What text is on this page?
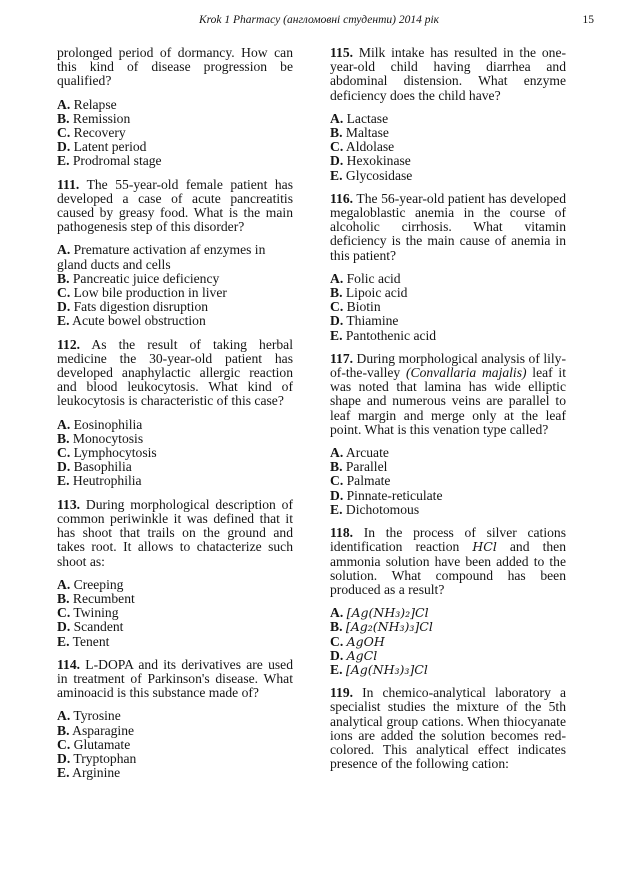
Krok 1 Pharmacy (англомовні студенти) 2014 рік	15

prolonged period of dormancy. How can this kind of disease progression be qualified?

A. Relapse
B. Remission
C. Recovery
D. Latent period
E. Prodromal stage

111. The 55-year-old female patient has developed a case of acute pancreatitis caused by greasy food. What is the main pathogenesis step of this disorder?

A. Premature activation af enzymes in gland ducts and cells
B. Pancreatic juice deficiency
C. Low bile production in liver
D. Fats digestion disruption
E. Acute bowel obstruction

112. As the result of taking herbal medicine the 30-year-old patient has developed anaphylactic allergic reaction and blood leukocytosis. What kind of leukocytosis is characteristic of this case?

A. Eosinophilia
B. Monocytosis
C. Lymphocytosis
D. Basophilia
E. Heutrophilia

113. During morphological description of common periwinkle it was defined that it has shoot that trails on the ground and takes root. It allows to chatacterize such shoot as:

A. Creeping
B. Recumbent
C. Twining
D. Scandent
E. Tenent

114. L-DOPA and its derivatives are used in treatment of Parkinson's disease. What aminoacid is this substance made of?

A. Tyrosine
B. Asparagine
C. Glutamate
D. Tryptophan
E. Arginine

115. Milk intake has resulted in the one-year-old child having diarrhea and abdominal distension. What enzyme deficiency does the child have?

A. Lactase
B. Maltase
C. Aldolase
D. Hexokinase
E. Glycosidase

116. The 56-year-old patient has developed megaloblastic anemia in the course of alcoholic cirrhosis. What vitamin deficiency is the main cause of anemia in this patient?

A. Folic acid
B. Lipoic acid
C. Biotin
D. Thiamine
E. Pantothenic acid

117. During morphological analysis of lily-of-the-valley (Convallaria majalis) leaf it was noted that lamina has wide elliptic shape and numerous veins are parallel to leaf margin and merge only at the leaf point. What is this venation type called?

A. Arcuate
B. Parallel
C. Palmate
D. Pinnate-reticulate
E. Dichotomous

118. In the process of silver cations identification reaction HCl and then ammonia solution have been added to the solution. What compound has been produced as a result?

A. [Ag(NH₃)₂]Cl
B. [Ag₂(NH₃)₃]Cl
C. AgOH
D. AgCl
E. [Ag(NH₃)₃]Cl

119. In chemico-analytical laboratory a specialist studies the mixture of the 5th analytical group cations. When thiocyanate ions are added the solution becomes red-colored. This analytical effect indicates presence of the following cation:
